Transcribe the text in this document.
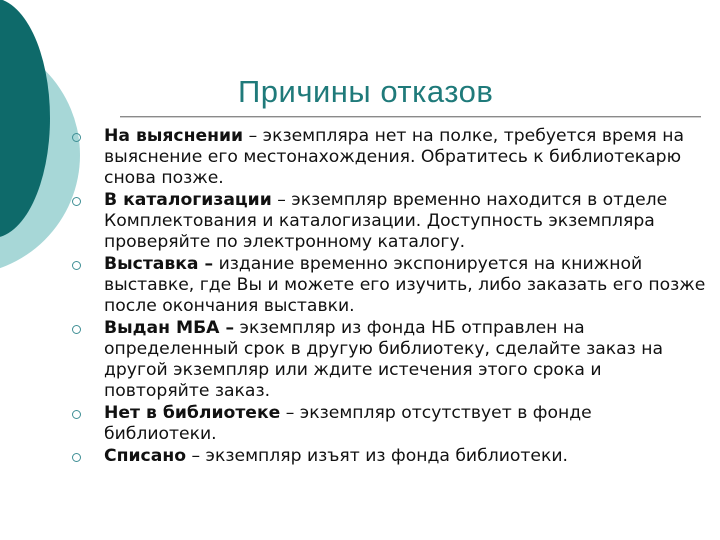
Причины отказов
На выяснении – экземпляра нет на полке, требуется время на выяснение его местонахождения. Обратитесь к библиотекарю снова позже.
В каталогизации – экземпляр временно находится в отделе Комплектования и каталогизации. Доступность экземпляра проверяйте по электронному каталогу.
Выставка – издание временно экспонируется на книжной выставке, где Вы и можете его изучить, либо заказать его позже после окончания выставки.
Выдан МБА – экземпляр из фонда НБ отправлен на определенный срок в другую библиотеку, сделайте заказ на другой экземпляр или ждите истечения этого срока и повторяйте заказ.
Нет в библиотеке – экземпляр отсутствует в фонде библиотеки.
Списано – экземпляр изъят из фонда библиотеки.
